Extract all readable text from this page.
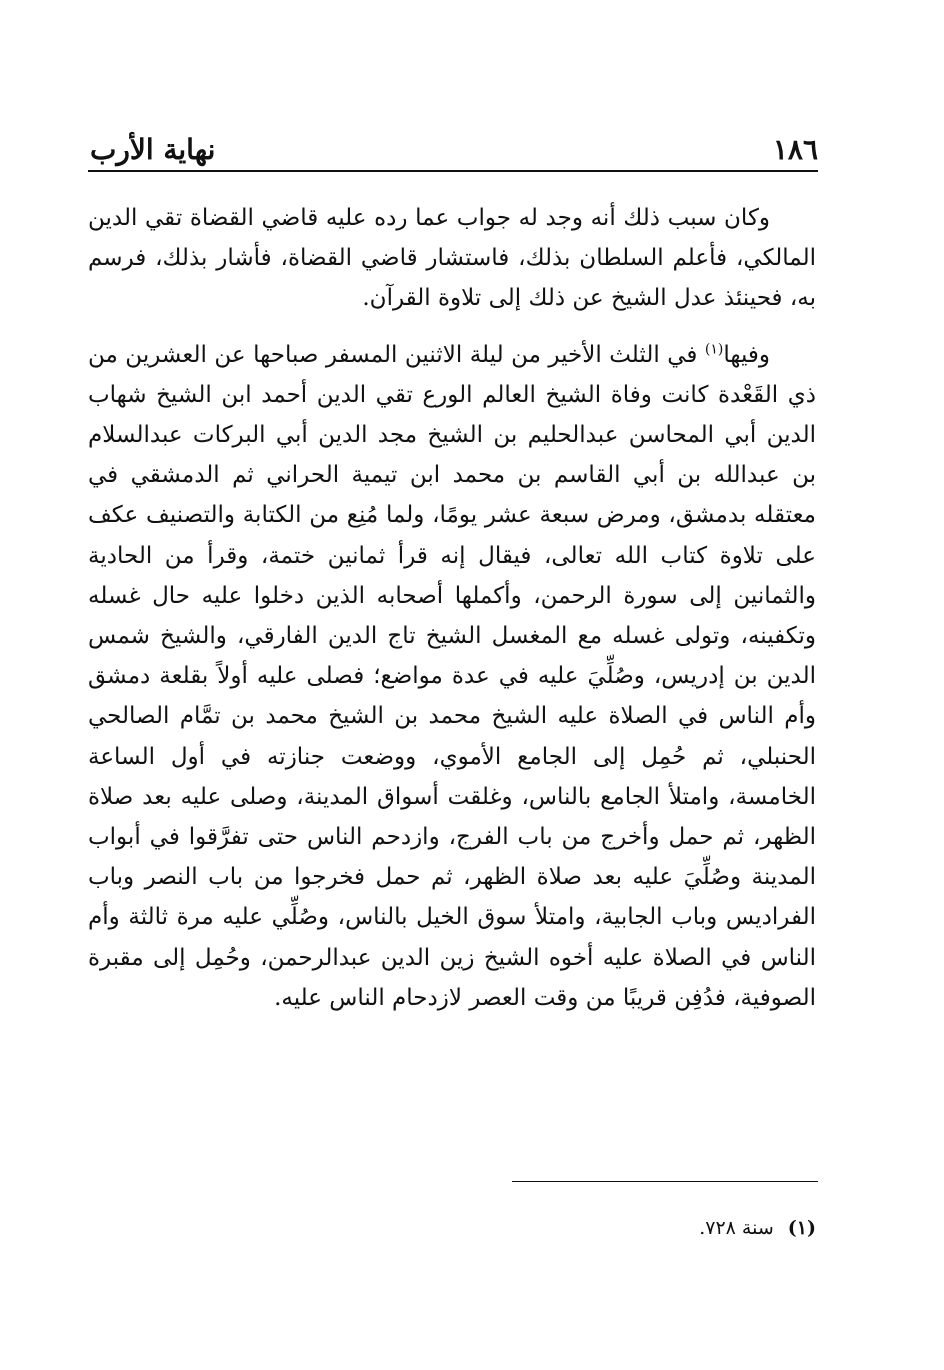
١٨٦
نهاية الأرب

وكان سبب ذلك أنه وجد له جواب عما رده عليه قاضي القضاة تقي الدين المالكي، فأعلم السلطان بذلك، فاستشار قاضي القضاة، فأشار بذلك، فرسم به، فحينئذ عدل الشيخ عن ذلك إلى تلاوة القرآن.

وفيها$^{(١)}$ في الثلث الأخير من ليلة الاثنين المسفر صباحها عن العشرين من ذي القَعْدة كانت وفاة الشيخ العالم الورع تقي الدين أحمد ابن الشيخ شهاب الدين أبي المحاسن عبدالحليم بن الشيخ مجد الدين أبي البركات عبدالسلام بن عبدالله بن أبي القاسم بن محمد ابن تيمية الحراني ثم الدمشقي في معتقله بدمشق، ومرض سبعة عشر يومًا، ولما مُنِع من الكتابة والتصنيف عكف على تلاوة كتاب الله تعالى، فيقال إنه قرأ ثمانين ختمة، وقرأ من الحادية والثمانين إلى سورة الرحمن، وأكملها أصحابه الذين دخلوا عليه حال غسله وتكفينه، وتولى غسله مع المغسل الشيخ تاج الدين الفارقي، والشيخ شمس الدين بن إدريس، وصُلِّيَ عليه في عدة مواضع؛ فصلى عليه أولاً بقلعة دمشق وأم الناس في الصلاة عليه الشيخ محمد بن الشيخ محمد بن تمَّام الصالحي الحنبلي، ثم حُمِل إلى الجامع الأموي، ووضعت جنازته في أول الساعة الخامسة، وامتلأ الجامع بالناس، وغلقت أسواق المدينة، وصلى عليه بعد صلاة الظهر، ثم حمل وأخرج من باب الفرج، وازدحم الناس حتى تفرَّقوا في أبواب المدينة وصُلِّيَ عليه بعد صلاة الظهر، ثم حمل فخرجوا من باب النصر وباب الفراديس وباب الجابية، وامتلأ سوق الخيل بالناس، وصُلِّي عليه مرة ثالثة وأم الناس في الصلاة عليه أخوه الشيخ زين الدين عبدالرحمن، وحُمِل إلى مقبرة الصوفية، فدُفِن قريبًا من وقت العصر لازدحام الناس عليه.

(١)سنة ٧٢٨.
